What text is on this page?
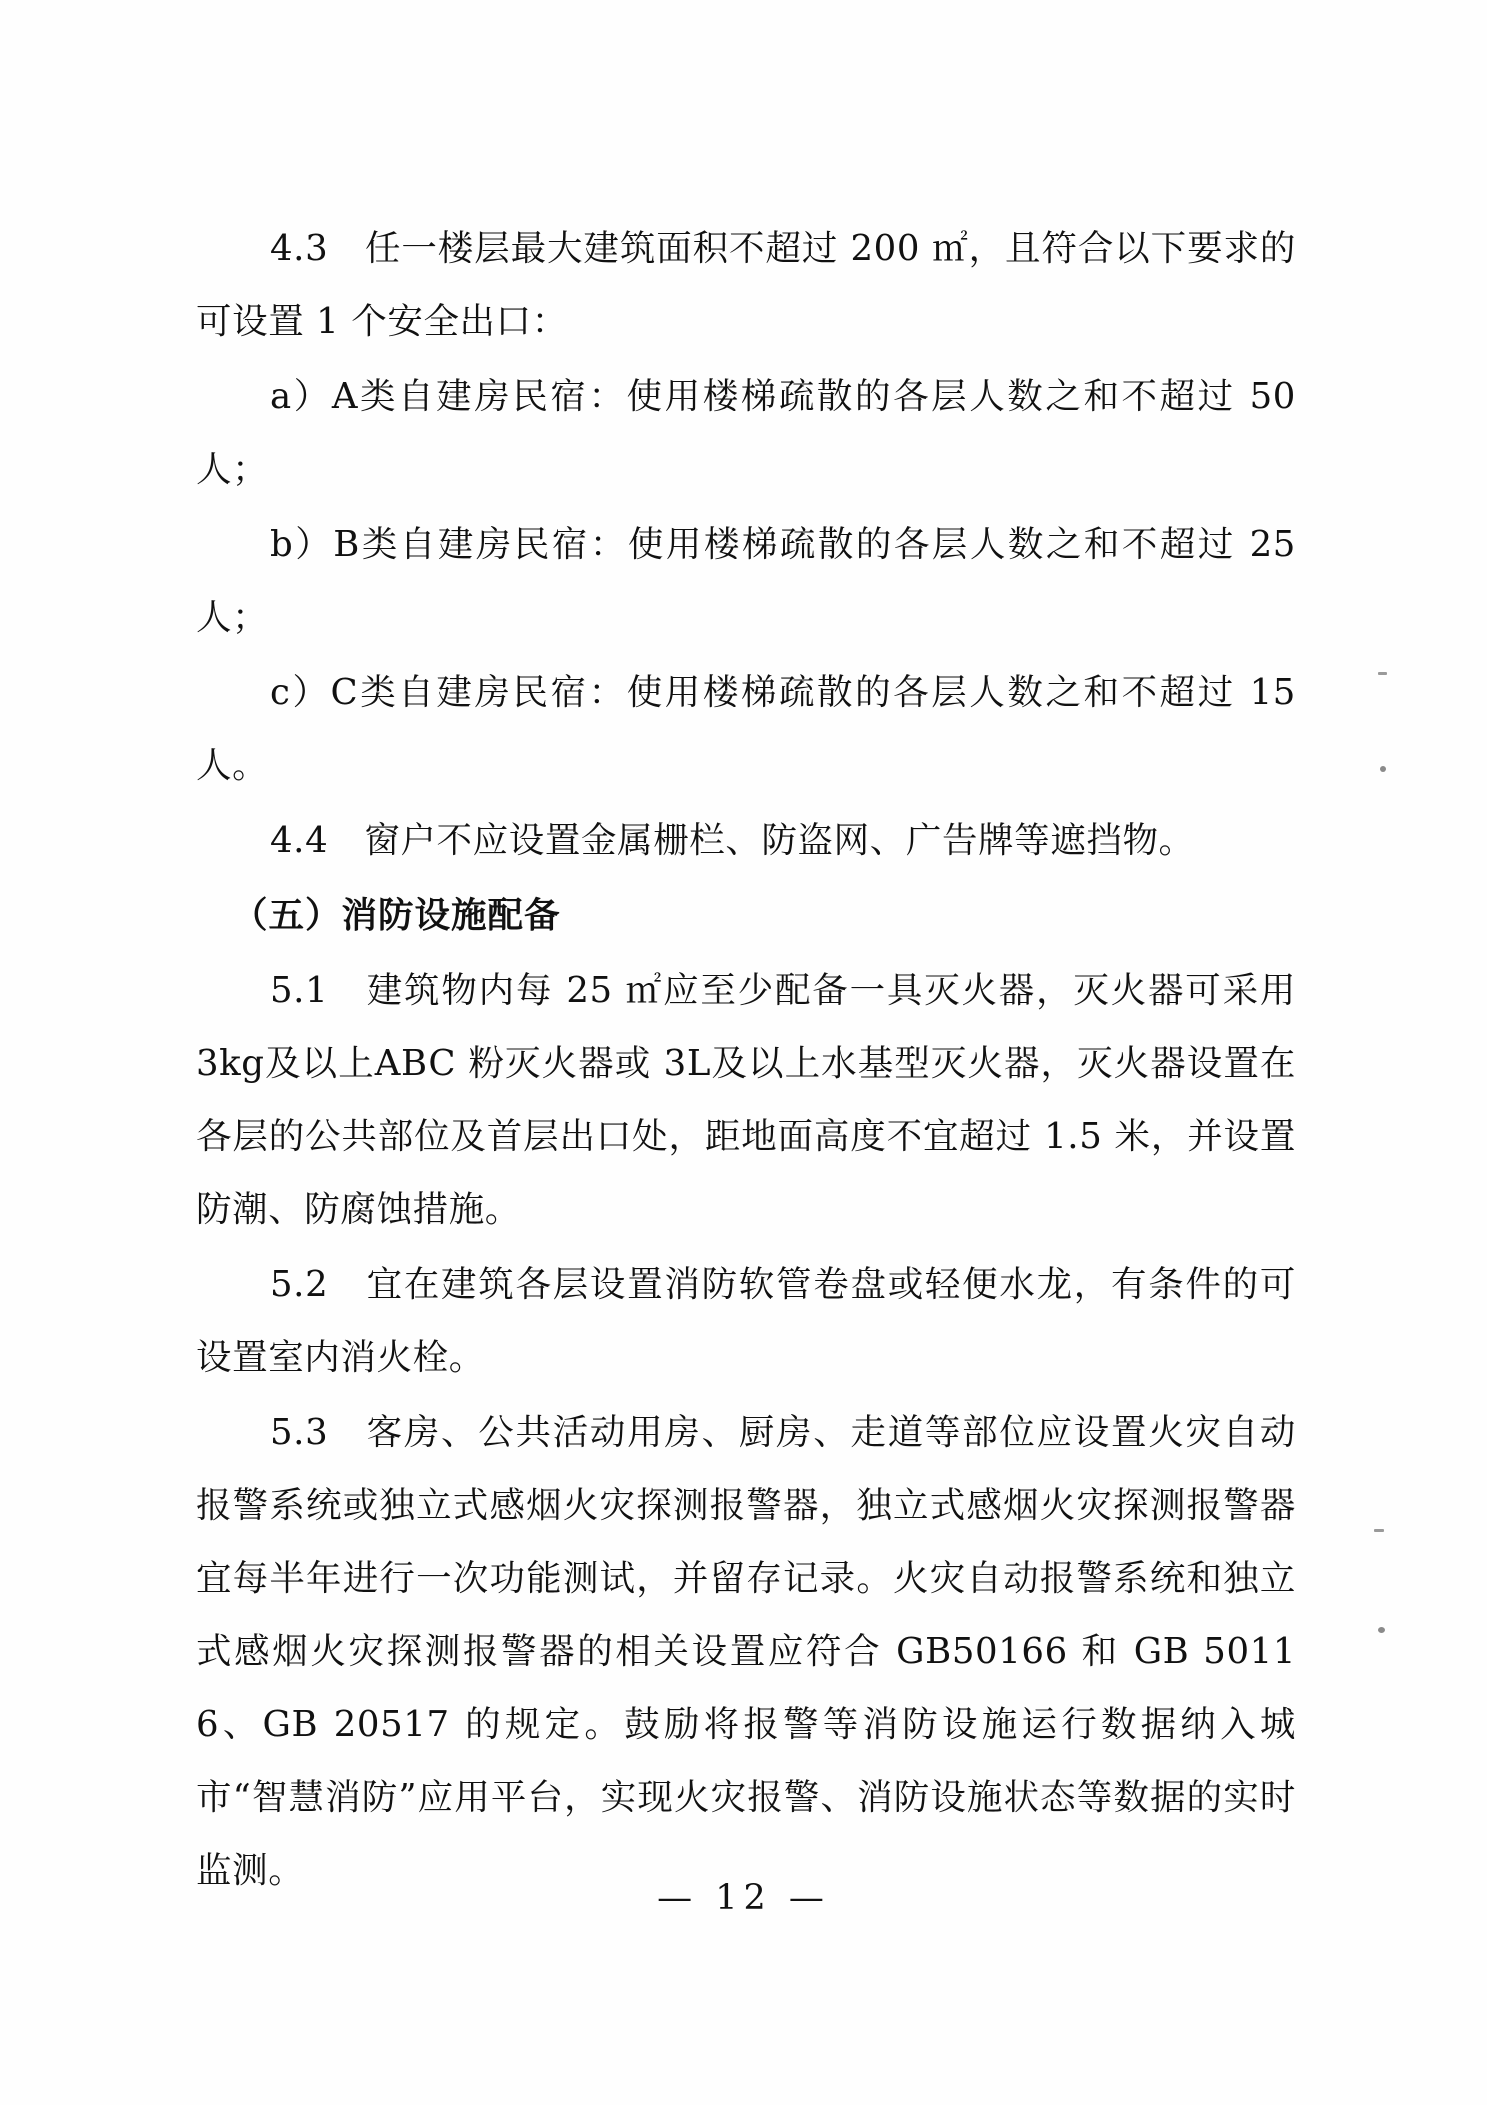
4.3　任一楼层最大建筑面积不超过 200 ㎡，且符合以下要求的可设置 1 个安全出口：

a）A类自建房民宿：使用楼梯疏散的各层人数之和不超过 50 人；

b）B类自建房民宿：使用楼梯疏散的各层人数之和不超过 25 人；

c）C类自建房民宿：使用楼梯疏散的各层人数之和不超过 15 人。

4.4　窗户不应设置金属栅栏、防盗网、广告牌等遮挡物。

（五）消防设施配备

5.1　建筑物内每 25 ㎡应至少配备一具灭火器，灭火器可采用 3kg及以上ABC 粉灭火器或 3L及以上水基型灭火器，灭火器设置在各层的公共部位及首层出口处，距地面高度不宜超过 1.5 米，并设置防潮、防腐蚀措施。

5.2　宜在建筑各层设置消防软管卷盘或轻便水龙，有条件的可设置室内消火栓。

5.3　客房、公共活动用房、厨房、走道等部位应设置火灾自动报警系统或独立式感烟火灾探测报警器，独立式感烟火灾探测报警器宜每半年进行一次功能测试，并留存记录。火灾自动报警系统和独立式感烟火灾探测报警器的相关设置应符合 GB50166 和 GB 50116、GB 20517 的规定。鼓励将报警等消防设施运行数据纳入城市“智慧消防”应用平台，实现火灾报警、消防设施状态等数据的实时监测。

— 12 —
